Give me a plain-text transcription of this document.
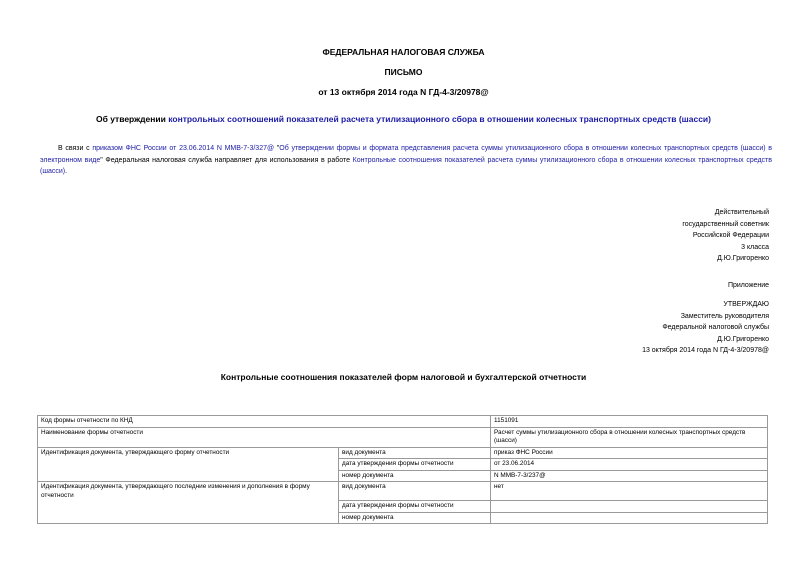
ФЕДЕРАЛЬНАЯ НАЛОГОВАЯ СЛУЖБА
ПИСЬМО
от 13 октября 2014 года N ГД-4-3/20978@
Об утверждении контрольных соотношений показателей расчета утилизационного сбора в отношении колесных транспортных средств (шасси)
В связи с приказом ФНС России от 23.06.2014 N ММВ-7-3/327@ "Об утверждении формы и формата представления расчета суммы утилизационного сбора в отношении колесных транспортных средств (шасси) в электронном виде" Федеральная налоговая служба направляет для использования в работе Контрольные соотношения показателей расчета суммы утилизационного сбора в отношении колесных транспортных средств (шасси).
Действительный
государственный советник
Российской Федерации
3 класса
Д.Ю.Григоренко
Приложение
УТВЕРЖДАЮ
Заместитель руководителя
Федеральной налоговой службы
Д.Ю.Григоренко
13 октября 2014 года N ГД-4-3/20978@
Контрольные соотношения показателей форм налоговой и бухгалтерской отчетности
Код формы отчетности по КНД		1151091
Наименование формы отчетности		Расчет суммы утилизационного сбора в отношении колесных транспортных средств (шасси)
Идентификация документа, утверждающего форму отчетности	вид документа	приказ ФНС России
	дата утверждения формы отчетности	от 23.06.2014
	номер документа	N ММВ-7-3/237@
Идентификация документа, утверждающего последние изменения и дополнения в форму отчетности	вид документа	нет
	дата утверждения формы отчетности	
	номер документа	
